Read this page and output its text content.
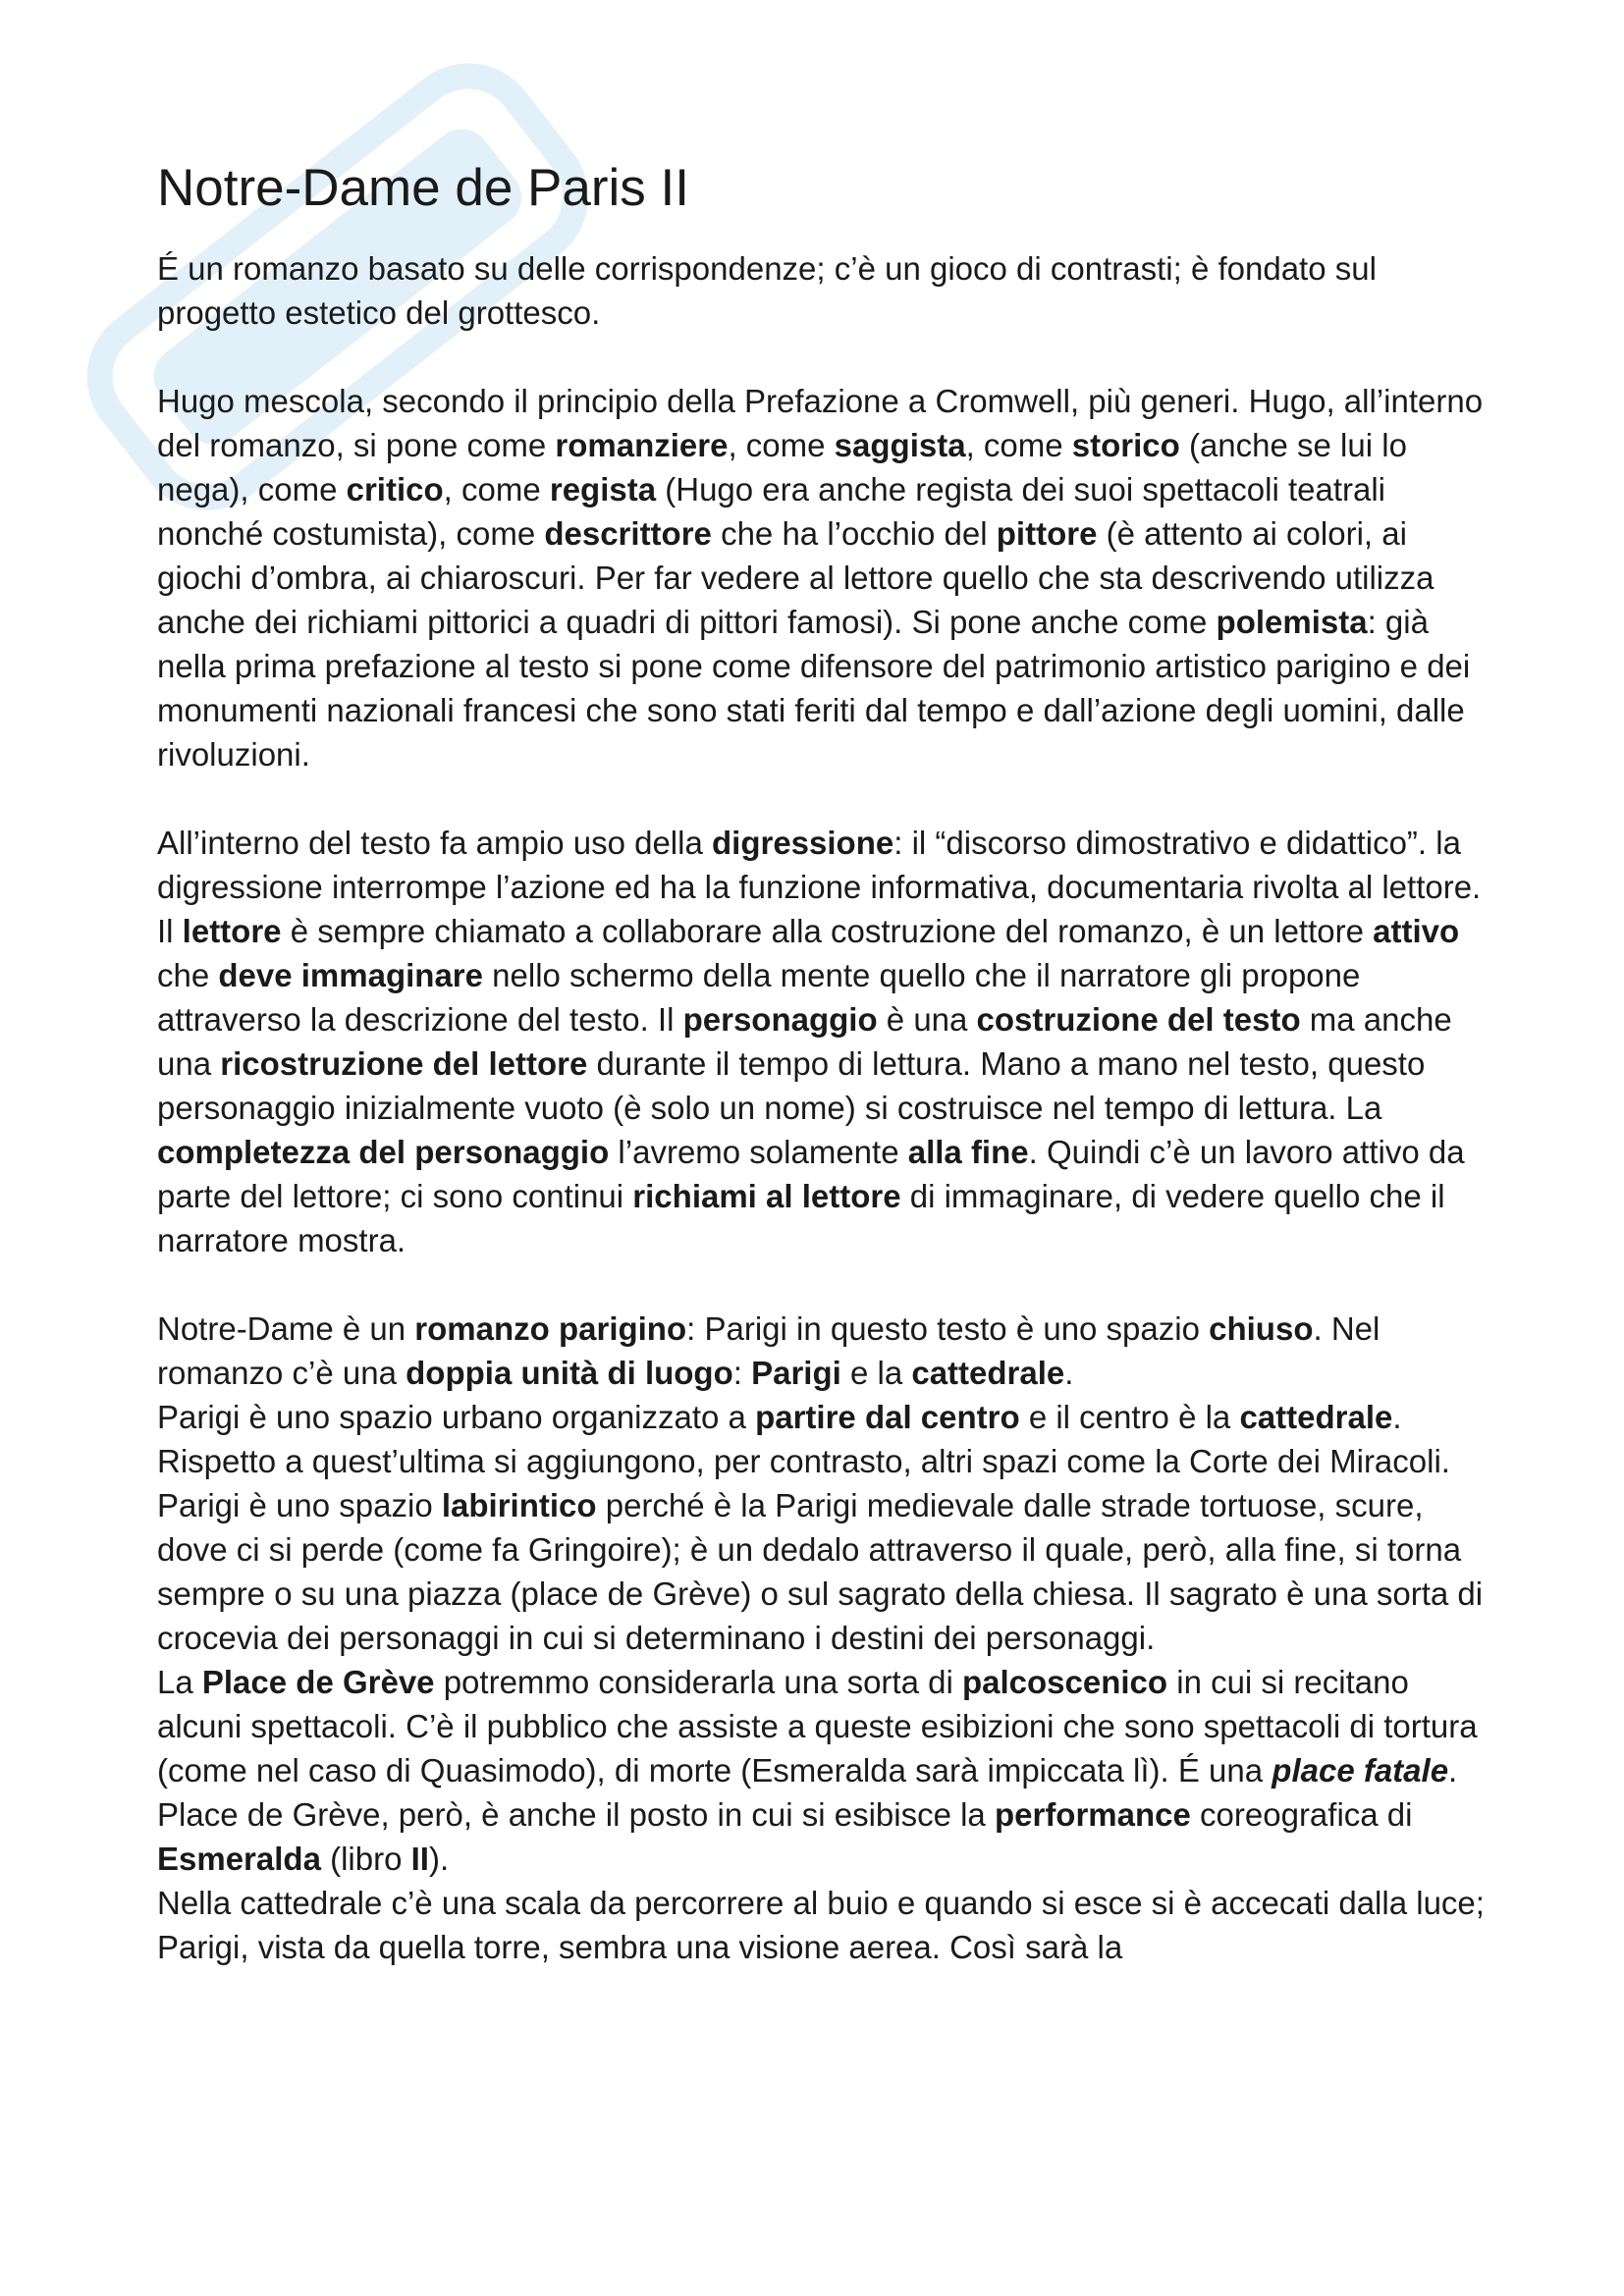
Notre-Dame de Paris II

É un romanzo basato su delle corrispondenze; c’è un gioco di contrasti; è fondato sul progetto estetico del grottesco.

Hugo mescola, secondo il principio della Prefazione a Cromwell, più generi. Hugo, all’interno del romanzo, si pone come romanziere, come saggista, come storico (anche se lui lo nega), come critico, come regista (Hugo era anche regista dei suoi spettacoli teatrali nonché costumista), come descrittore che ha l’occhio del pittore (è attento ai colori, ai giochi d’ombra, ai chiaroscuri. Per far vedere al lettore quello che sta descrivendo utilizza anche dei richiami pittorici a quadri di pittori famosi). Si pone anche come polemista: già nella prima prefazione al testo si pone come difensore del patrimonio artistico parigino e dei monumenti nazionali francesi che sono stati feriti dal tempo e dall’azione degli uomini, dalle rivoluzioni.

All’interno del testo fa ampio uso della digressione: il “discorso dimostrativo e didattico”. la digressione interrompe l’azione ed ha la funzione informativa, documentaria rivolta al lettore. Il lettore è sempre chiamato a collaborare alla costruzione del romanzo, è un lettore attivo che deve immaginare nello schermo della mente quello che il narratore gli propone attraverso la descrizione del testo. Il personaggio è una costruzione del testo ma anche una ricostruzione del lettore durante il tempo di lettura. Mano a mano nel testo, questo personaggio inizialmente vuoto (è solo un nome) si costruisce nel tempo di lettura. La completezza del personaggio l’avremo solamente alla fine. Quindi c’è un lavoro attivo da parte del lettore; ci sono continui richiami al lettore di immaginare, di vedere quello che il narratore mostra.

Notre-Dame è un romanzo parigino: Parigi in questo testo è uno spazio chiuso. Nel romanzo c’è una doppia unità di luogo: Parigi e la cattedrale.
Parigi è uno spazio urbano organizzato a partire dal centro e il centro è la cattedrale. Rispetto a quest’ultima si aggiungono, per contrasto, altri spazi come la Corte dei Miracoli.
Parigi è uno spazio labirintico perché è la Parigi medievale dalle strade tortuose, scure, dove ci si perde (come fa Gringoire); è un dedalo attraverso il quale, però, alla fine, si torna sempre o su una piazza (place de Grève) o sul sagrato della chiesa. Il sagrato è una sorta di crocevia dei personaggi in cui si determinano i destini dei personaggi.
La Place de Grève potremmo considerarla una sorta di palcoscenico in cui si recitano alcuni spettacoli. C’è il pubblico che assiste a queste esibizioni che sono spettacoli di tortura (come nel caso di Quasimodo), di morte (Esmeralda sarà impiccata lì). É una place fatale. Place de Grève, però, è anche il posto in cui si esibisce la performance coreografica di Esmeralda (libro II).
Nella cattedrale c’è una scala da percorrere al buio e quando si esce si è accecati dalla luce; Parigi, vista da quella torre, sembra una visione aerea. Così sarà la
